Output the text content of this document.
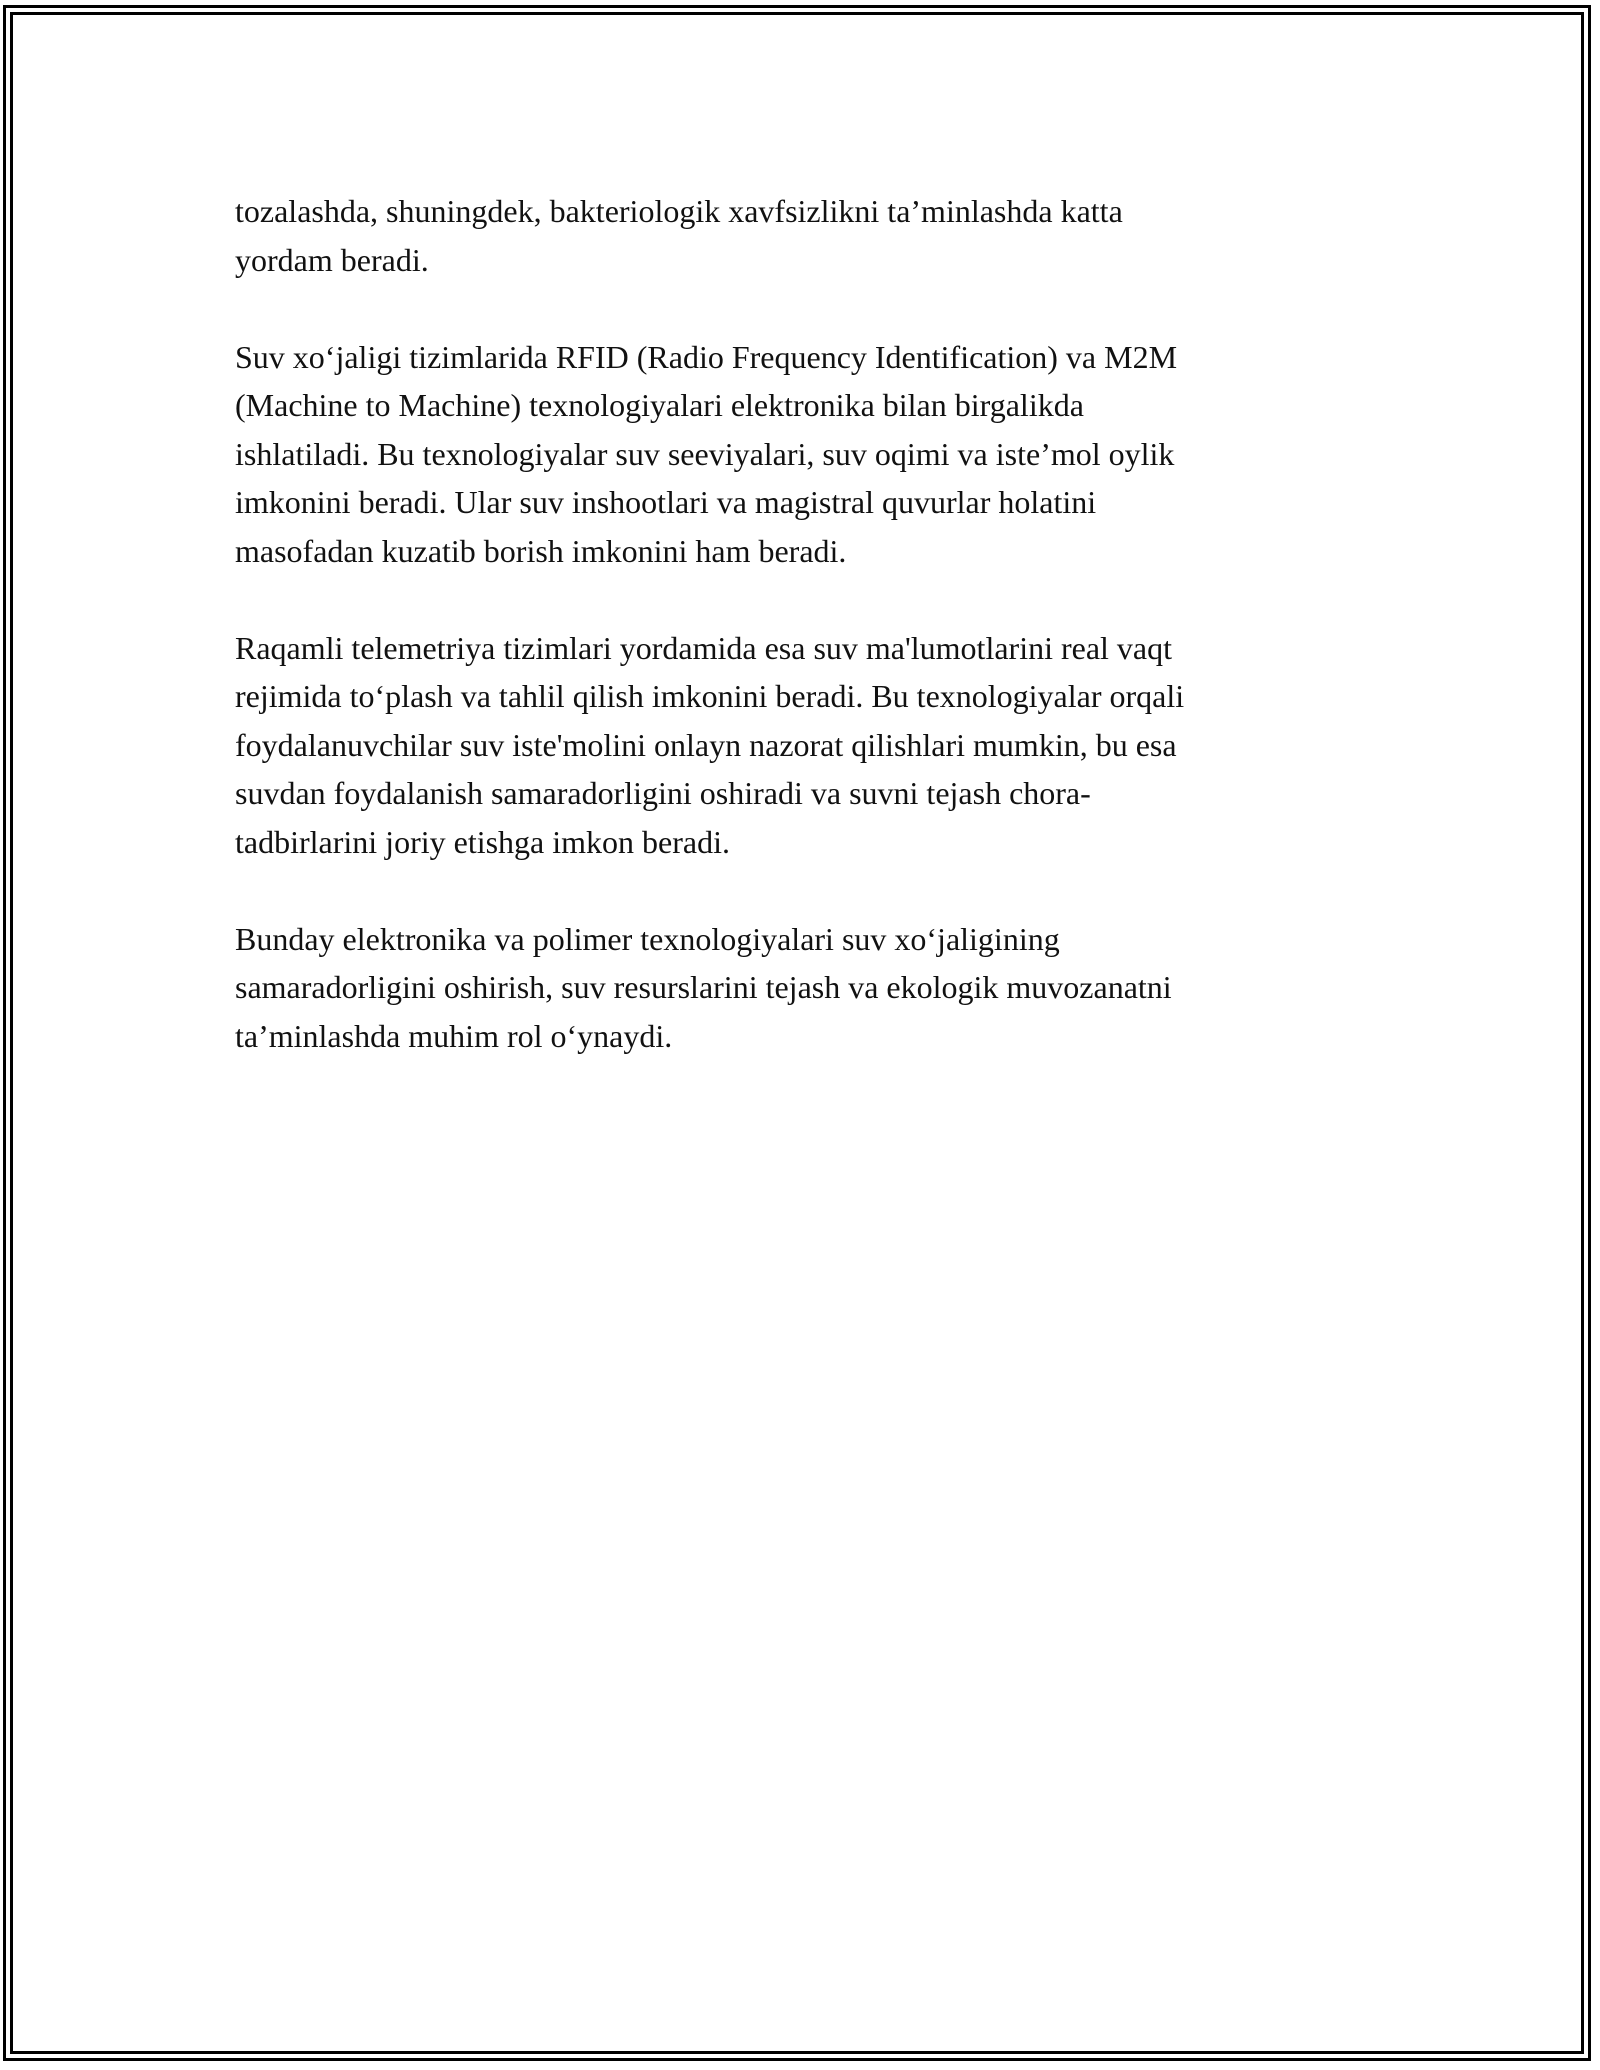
tozalashda, shuningdek, bakteriologik xavfsizlikni ta’minlashda katta
yordam beradi.

Suv xo‘jaligi tizimlarida RFID (Radio Frequency Identification) va M2M
(Machine to Machine) texnologiyalari elektronika bilan birgalikda
ishlatiladi. Bu texnologiyalar suv seeviyalari, suv oqimi va iste’mol oylik
imkonini beradi. Ular suv inshootlari va magistral quvurlar holatini
masofadan kuzatib borish imkonini ham beradi.

Raqamli telemetriya tizimlari yordamida esa suv ma'lumotlarini real vaqt
rejimida to‘plash va tahlil qilish imkonini beradi. Bu texnologiyalar orqali
foydalanuvchilar suv iste'molini onlayn nazorat qilishlari mumkin, bu esa
suvdan foydalanish samaradorligini oshiradi va suvni tejash chora-
tadbirlarini joriy etishga imkon beradi.

Bunday elektronika va polimer texnologiyalari suv xo‘jaligining
samaradorligini oshirish, suv resurslarini tejash va ekologik muvozanatni
ta’minlashda muhim rol o‘ynaydi.
